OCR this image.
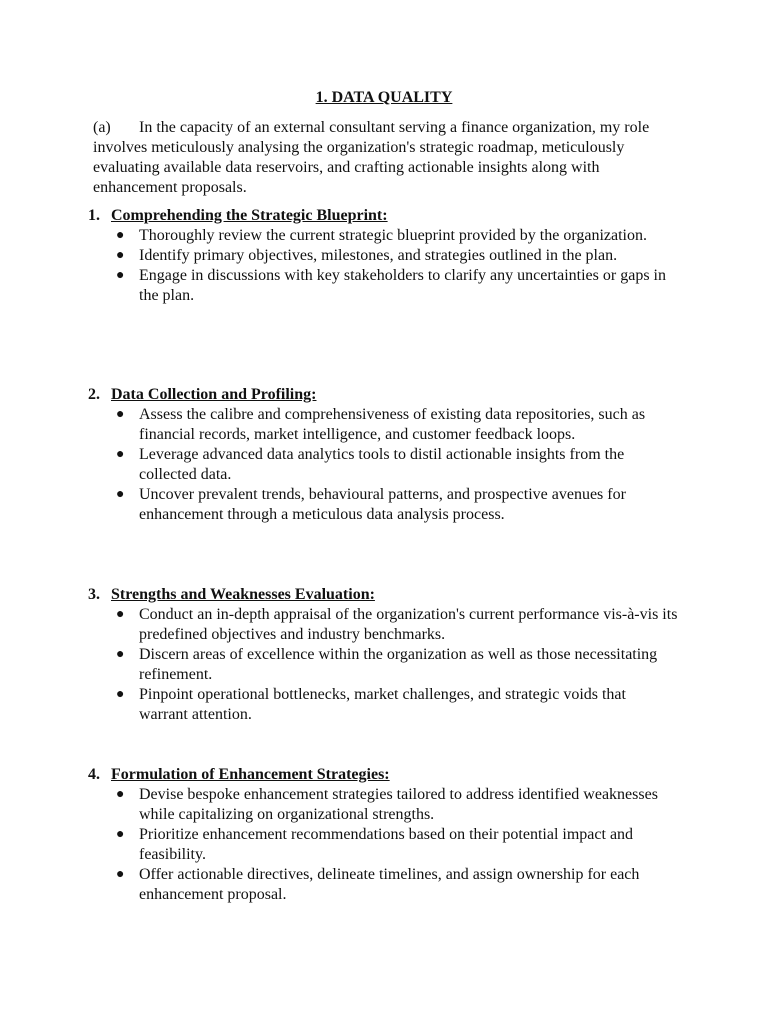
1. DATA QUALITY

(a) In the capacity of an external consultant serving a finance organization, my role involves meticulously analysing the organization's strategic roadmap, meticulously evaluating available data reservoirs, and crafting actionable insights along with enhancement proposals.

1. Comprehending the Strategic Blueprint:
● Thoroughly review the current strategic blueprint provided by the organization.
● Identify primary objectives, milestones, and strategies outlined in the plan.
● Engage in discussions with key stakeholders to clarify any uncertainties or gaps in the plan.
2. Data Collection and Profiling:
● Assess the calibre and comprehensiveness of existing data repositories, such as financial records, market intelligence, and customer feedback loops.
● Leverage advanced data analytics tools to distil actionable insights from the collected data.
● Uncover prevalent trends, behavioural patterns, and prospective avenues for enhancement through a meticulous data analysis process.
3. Strengths and Weaknesses Evaluation:
● Conduct an in-depth appraisal of the organization's current performance vis-à-vis its predefined objectives and industry benchmarks.
● Discern areas of excellence within the organization as well as those necessitating refinement.
● Pinpoint operational bottlenecks, market challenges, and strategic voids that warrant attention.
4. Formulation of Enhancement Strategies:
● Devise bespoke enhancement strategies tailored to address identified weaknesses while capitalizing on organizational strengths.
● Prioritize enhancement recommendations based on their potential impact and feasibility.
● Offer actionable directives, delineate timelines, and assign ownership for each enhancement proposal.
